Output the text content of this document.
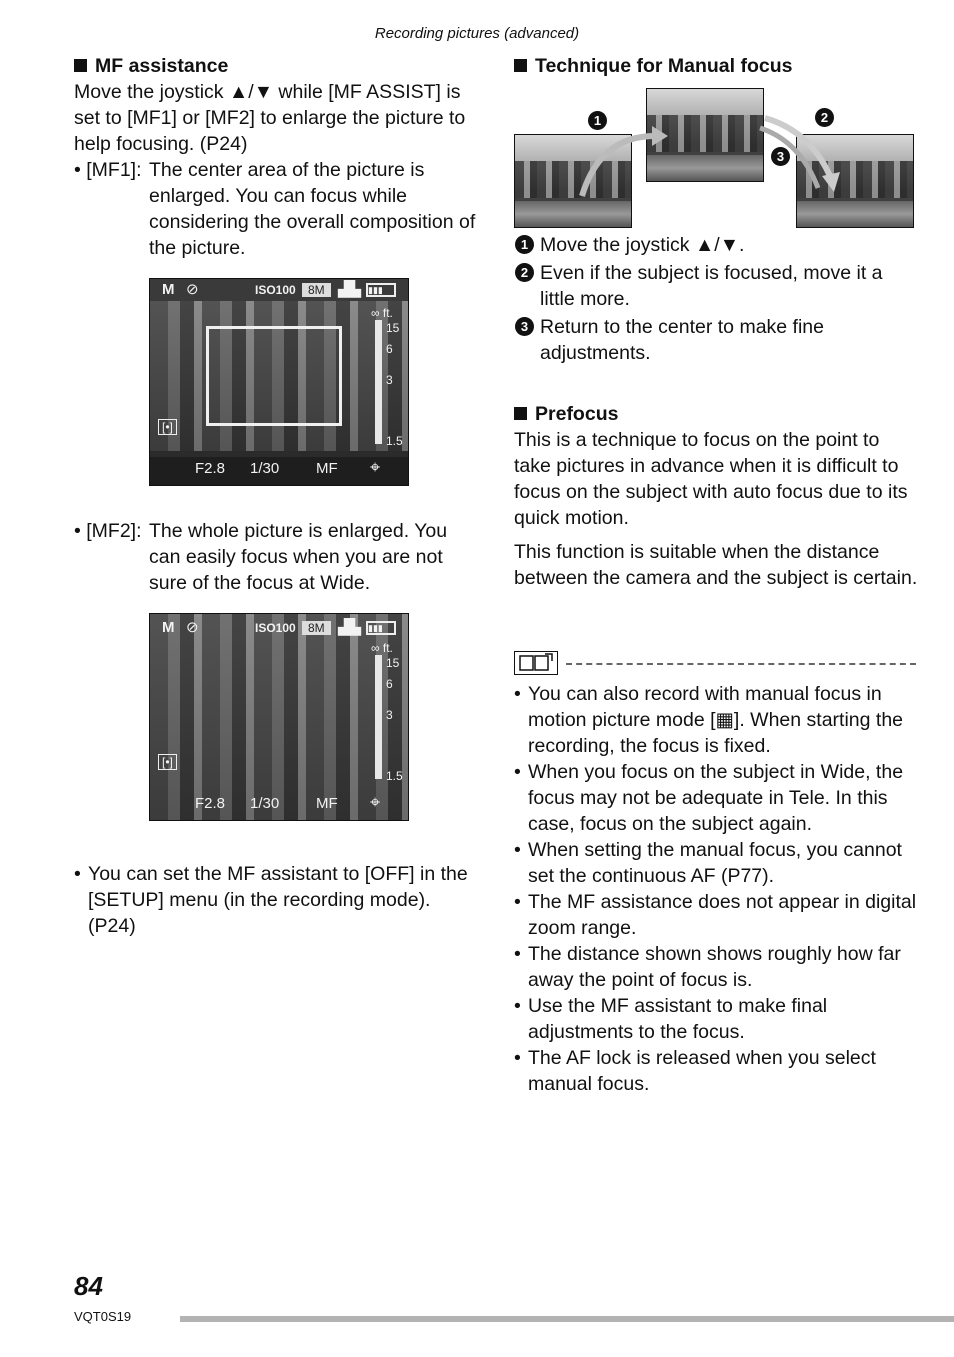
Recording pictures (advanced)
MF assistance

Move the joystick ▲/▼ while [MF ASSIST] is set to [MF1] or [MF2] to enlarge the picture to help focusing. (P24)

• [MF1]: The center area of the picture is enlarged. You can focus while considering the overall composition of the picture.
M ⊘	ISO100	8M ▟▙ ▮▮▮
∞ ft.
15
6
3
1.5
[•]
F2.8 1/30 MF ⌖
• [MF2]: The whole picture is enlarged. You can easily focus when you are not sure of the focus at Wide.
M ⊘	ISO100	8M ▟▙ ▮▮▮
∞ ft.
15
6
3
1.5
[•]
F2.8 1/30 MF ⌖
• You can set the MF assistant to [OFF] in the [SETUP] menu (in the recording mode). (P24)
Technique for Manual focus
1	2
3
1 Move the joystick ▲/▼.
2 Even if the subject is focused, move it a little more.
3 Return to the center to make fine adjustments.
Prefocus

This is a technique to focus on the point to take pictures in advance when it is difficult to focus on the subject with auto focus due to its quick motion.

This function is suitable when the distance between the camera and the subject is certain.

• You can also record with manual focus in motion picture mode [▦]. When starting the recording, the focus is fixed.
• When you focus on the subject in Wide, the focus may not be adequate in Tele. In this case, focus on the subject again.
• When setting the manual focus, you cannot set the continuous AF (P77).
• The MF assistance does not appear in digital zoom range.
• The distance shown shows roughly how far away the point of focus is.
• Use the MF assistant to make final adjustments to the focus.
• The AF lock is released when you select manual focus.
84
VQT0S19
